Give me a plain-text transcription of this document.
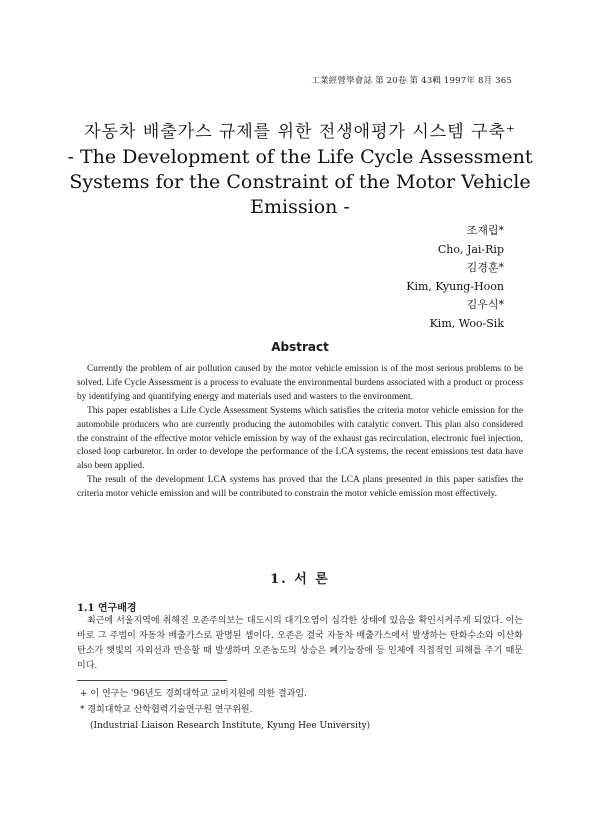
工業經營學會誌 第 20卷 第 43輯 1997年 8月 365
자동차 배출가스 규제를 위한 전생애평가 시스템 구축⁺
- The Development of the Life Cycle Assessment Systems for the Constraint of the Motor Vehicle Emission -
조재립*
Cho, Jai-Rip
김경훈*
Kim, Kyung-Hoon
김우식*
Kim, Woo-Sik
Abstract

Currently the problem of air pollution caused by the motor vehicle emission is of the most serious problems to be solved. Life Cycle Assessment is a process to evaluate the environmental burdens associated with a product or process by identifying and quantifying energy and materials used and wasters to the environment.

This paper establishes a Life Cycle Assessment Systems which satisfies the criteria motor vehicle emission for the automobile producers who are currently producing the automobiles with catalytic convert. This plan also considered the constraint of the effective motor vehicle emission by way of the exhaust gas recirculation, electronic fuel injection, closed loop carburetor. In order to develope the performance of the LCA systems, the recent emissions test data have also been applied.

The result of the development LCA systems has proved that the LCA plans presented in this paper satisfies the criteria motor vehicle emission and will be contributed to constrain the motor vehicle emission most effectively.

1. 서 론
1.1 연구배경

최근에 서울지역에 취해진 오존주의보는 대도시의 대기오염이 심각한 상태에 있음을 확인시켜주게 되었다. 이는 바로 그 주범이 자동차 배출가스로 판명된 셈이다. 오존은 결국 자동차 배출가스에서 발생하는 탄화수소와 이산화탄소가 햇빛의 자외선과 반응할 때 발생하며 오존농도의 상승은 폐기능장애 등 인체에 직접적인 피해를 주기 때문이다.

+ 이 연구는 '96년도 경희대학교 교비지원에 의한 결과임.
* 경희대학교 산학협력기술연구원 연구위원.
(Industrial Liaison Research Institute, Kyung Hee University)
